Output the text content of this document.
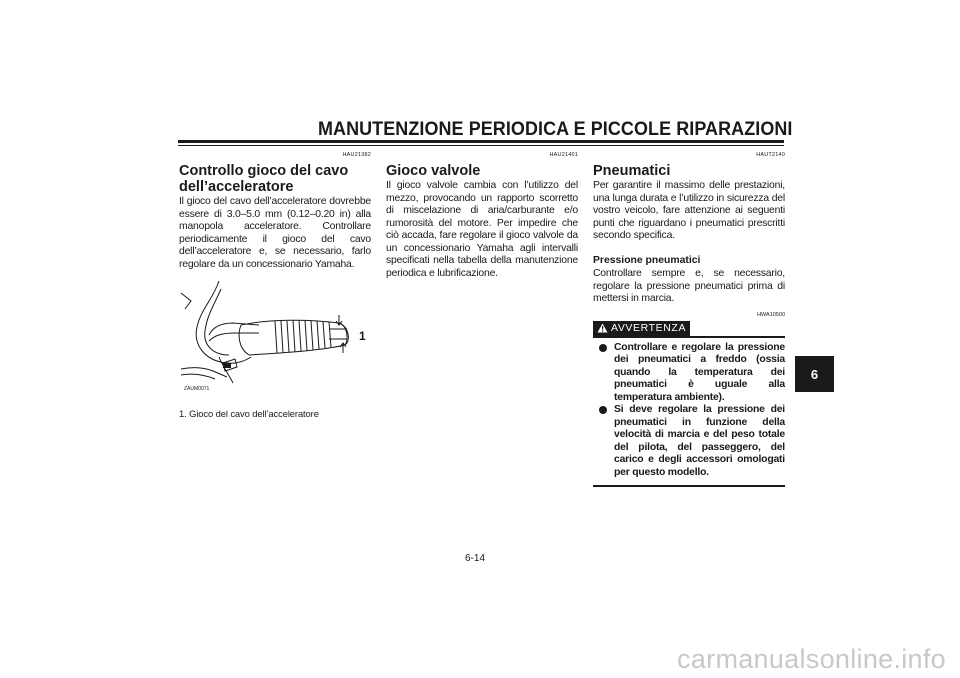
MANUTENZIONE PERIODICA E PICCOLE RIPARAZIONI
6
HAU21382
Controllo gioco del cavo
dell’acceleratore

Il gioco del cavo dell’acceleratore dovrebbe essere di 3.0–5.0 mm (0.12–0.20 in) alla manopola acceleratore. Controllare periodicamente il gioco del cavo dell’acceleratore e, se necessario, farlo regolare da un concessionario Yamaha.

1
ZAUM0071
1. Gioco del cavo dell’acceleratore
HAU21401
Gioco valvole

Il gioco valvole cambia con l’utilizzo del mezzo, provocando un rapporto scorretto di miscelazione di aria/carburante e/o rumorosità del motore. Per impedire che ciò accada, fare regolare il gioco valvole da un concessionario Yamaha agli intervalli specificati nella tabella della manutenzione periodica e lubrificazione.

HAUT2140
Pneumatici

Per garantire il massimo delle prestazioni, una lunga durata e l’utilizzo in sicurezza del vostro veicolo, fare attenzione ai seguenti punti che riguardano i pneumatici prescritti secondo specifica.

Pressione pneumatici

Controllare sempre e, se necessario, regolare la pressione pneumatici prima di mettersi in marcia.

HWA10500
AVVERTENZA
Controllare e regolare la pressione dei pneumatici a freddo (ossia quando la temperatura dei pneumatici è uguale alla temperatura ambiente).
Si deve regolare la pressione dei pneumatici in funzione della velocità di marcia e del peso totale del pilota, del passeggero, del carico e degli accessori omologati per questo modello.
6-14
carmanualsonline.info
